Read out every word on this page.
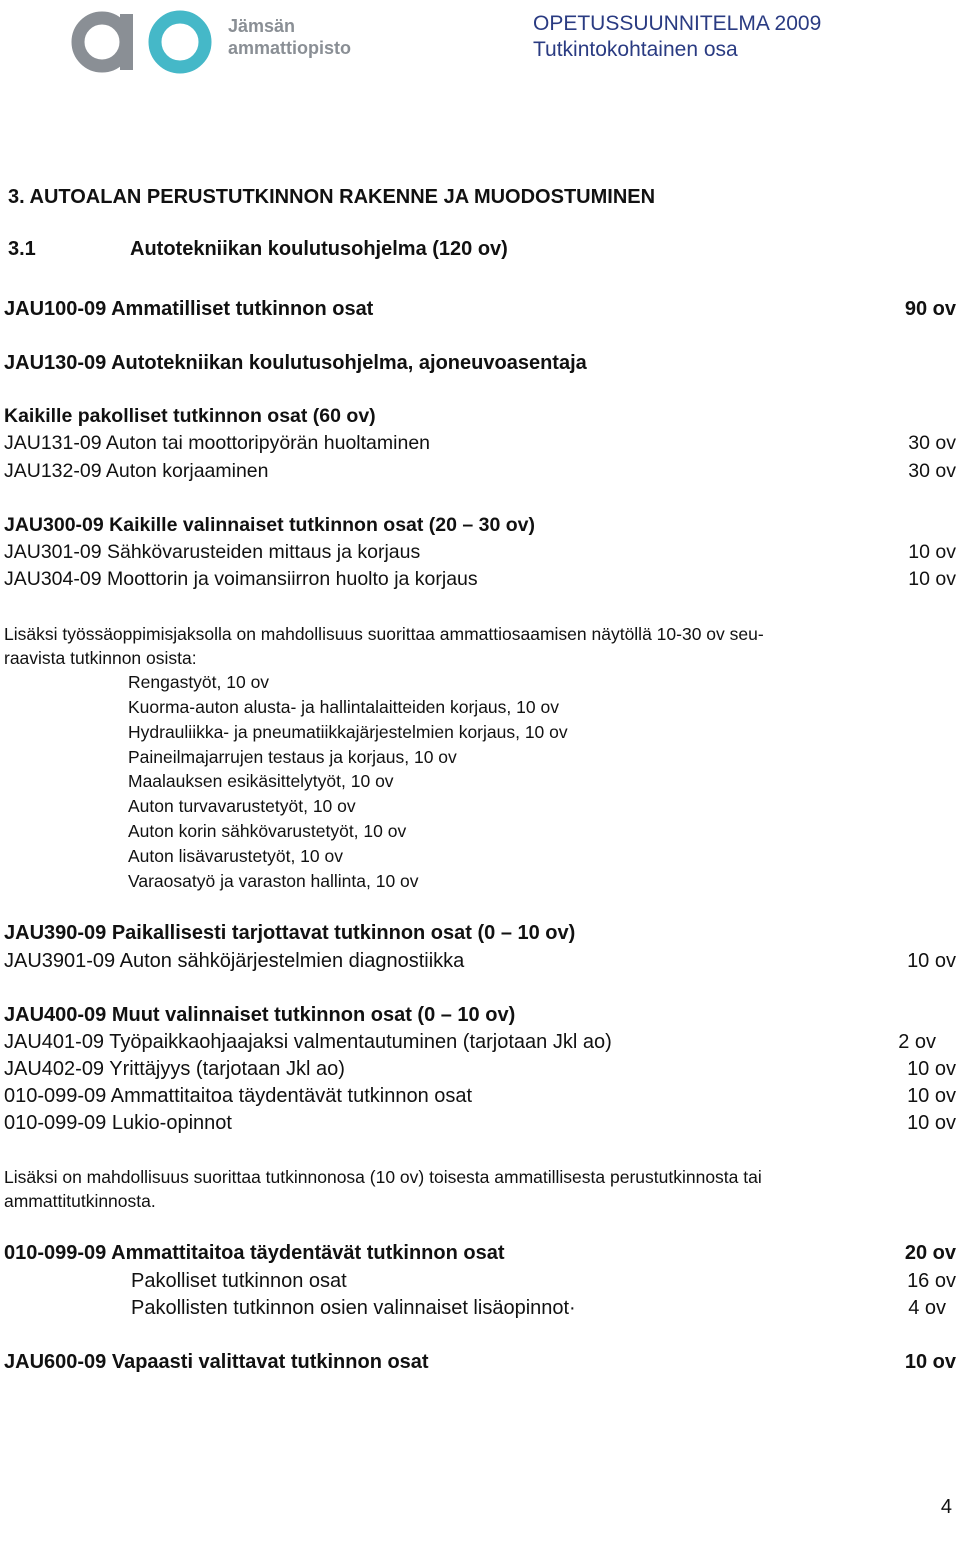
Jämsän
ammattiopisto
OPETUSSUUNNITELMA 2009
Tutkintokohtainen osa
3. AUTOALAN PERUSTUTKINNON RAKENNE JA MUODOSTUMINEN
3.1	Autotekniikan koulutusohjelma (120 ov)
JAU100-09 Ammatilliset tutkinnon osat	90 ov
JAU130-09 Autotekniikan koulutusohjelma, ajoneuvoasentaja
Kaikille pakolliset tutkinnon osat (60 ov)
JAU131-09 Auton tai moottoripyörän huoltaminen	30 ov
JAU132-09 Auton korjaaminen	30 ov
JAU300-09 Kaikille valinnaiset tutkinnon osat (20 – 30 ov)
JAU301-09 Sähkövarusteiden mittaus ja korjaus	10 ov
JAU304-09 Moottorin ja voimansiirron huolto ja korjaus	10 ov
Lisäksi työssäoppimisjaksolla on mahdollisuus suorittaa ammattiosaamisen näytöllä 10-30 ov seu-
raavista tutkinnon osista:
Rengastyöt, 10 ov
Kuorma-auton alusta- ja hallintalaitteiden korjaus, 10 ov
Hydrauliikka- ja pneumatiikkajärjestelmien korjaus, 10 ov
Paineilmajarrujen testaus ja korjaus, 10 ov
Maalauksen esikäsittelytyöt, 10 ov
Auton turvavarustetyöt, 10 ov
Auton korin sähkövarustetyöt, 10 ov
Auton lisävarustetyöt, 10 ov
Varaosatyö ja varaston hallinta, 10 ov
JAU390-09 Paikallisesti tarjottavat tutkinnon osat (0 – 10 ov)
JAU3901-09 Auton sähköjärjestelmien diagnostiikka	10 ov
JAU400-09 Muut valinnaiset tutkinnon osat (0 – 10 ov)
JAU401-09 Työpaikkaohjaajaksi valmentautuminen (tarjotaan Jkl ao)	2 ov
JAU402-09 Yrittäjyys (tarjotaan Jkl ao)	10 ov
010-099-09 Ammattitaitoa täydentävät tutkinnon osat	10 ov
010-099-09 Lukio-opinnot	10 ov
Lisäksi on mahdollisuus suorittaa tutkinnonosa (10 ov) toisesta ammatillisesta perustutkinnosta tai
ammattitutkinnosta.
010-099-09 Ammattitaitoa täydentävät tutkinnon osat	20 ov
Pakolliset tutkinnon osat	16 ov
Pakollisten tutkinnon osien valinnaiset lisäopinnot·	4 ov
JAU600-09 Vapaasti valittavat tutkinnon osat	10 ov
4
